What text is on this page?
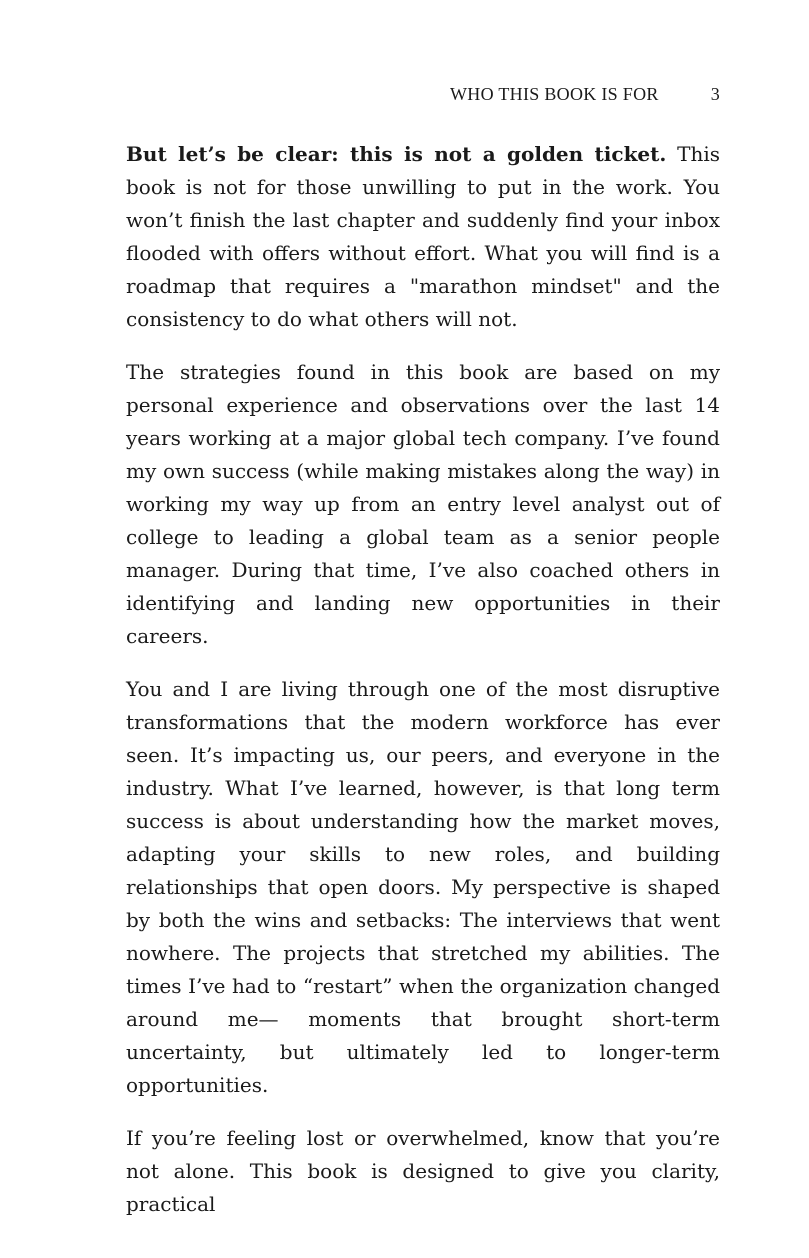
WHO THIS BOOK IS FOR	3

But let’s be clear: this is not a golden ticket. This book is not for those unwilling to put in the work. You won’t finish the last chapter and suddenly find your inbox flooded with offers without effort. What you will find is a roadmap that requires a "marathon mindset" and the consistency to do what others will not.

The strategies found in this book are based on my personal experience and observations over the last 14 years working at a major global tech company. I’ve found my own success (while making mistakes along the way) in working my way up from an entry level analyst out of college to leading a global team as a senior people manager. During that time, I’ve also coached others in identifying and landing new opportunities in their careers.

You and I are living through one of the most disruptive transformations that the modern workforce has ever seen. It’s impacting us, our peers, and everyone in the industry. What I’ve learned, however, is that long term success is about understanding how the market moves, adapting your skills to new roles, and building relationships that open doors. My perspective is shaped by both the wins and setbacks: The interviews that went nowhere. The projects that stretched my abilities. The times I’ve had to “restart” when the organization changed around me— moments that brought short-term uncertainty, but ultimately led to longer-term opportunities.

If you’re feeling lost or overwhelmed, know that you’re not alone. This book is designed to give you clarity, practical
